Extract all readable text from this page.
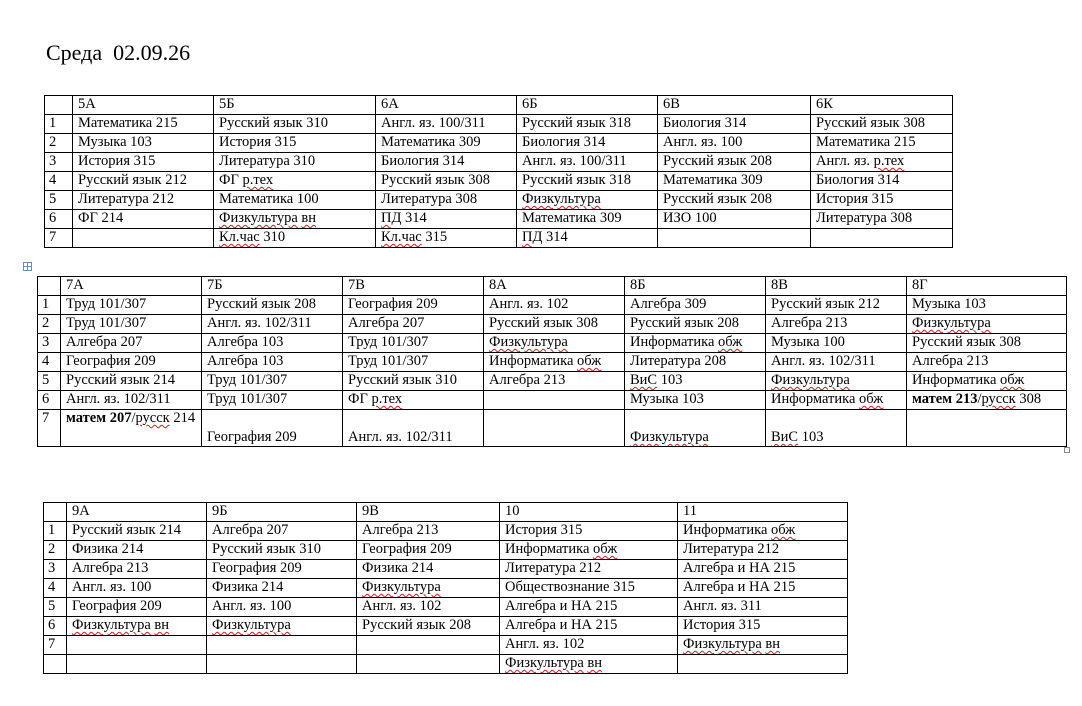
Среда  02.09.26
	5А	5Б	6А	6Б	6В	6К
1	Математика 215	Русский язык 310	Англ. яз. 100/311	Русский язык 318	Биология 314	Русский язык 308
2	Музыка 103	История 315	Математика 309	Биология 314	Англ. яз. 100	Математика 215
3	История 315	Литература 310	Биология 314	Англ. яз. 100/311	Русский язык 208	Англ. яз. р.тех
4	Русский язык 212	ФГ р.тех	Русский язык 308	Русский язык 318	Математика 309	Биология 314
5	Литература 212	Математика 100	Литература 308	Физкультура	Русский язык 208	История 315
6	ФГ 214	Физкультура вн	ПД 314	Математика 309	ИЗО 100	Литература 308
7		Кл.час 310	Кл.час 315	ПД 314		
	7А	7Б	7В	8А	8Б	8В	8Г
1	Труд 101/307	Русский язык 208	География 209	Англ. яз. 102	Алгебра 309	Русский язык 212	Музыка 103
2	Труд 101/307	Англ. яз. 102/311	Алгебра 207	Русский язык 308	Русский язык 208	Алгебра 213	Физкультура
3	Алгебра 207	Алгебра 103	Труд 101/307	Физкультура	Информатика обж	Музыка 100	Русский язык 308
4	География 209	Алгебра 103	Труд 101/307	Информатика обж	Литература 208	Англ. яз. 102/311	Алгебра 213
5	Русский язык 214	Труд 101/307	Русский язык 310	Алгебра 213	ВиС 103	Физкультура	Информатика обж
6	Англ. яз. 102/311	Труд 101/307	ФГ р.тех		Музыка 103	Информатика обж	матем 213/русск 308
7	матем 207/русск 214	География 209	Англ. яз. 102/311		Физкультура	ВиС 103	
	9А	9Б	9В	10	11
1	Русский язык 214	Алгебра 207	Алгебра 213	История 315	Информатика обж
2	Физика 214	Русский язык 310	География 209	Информатика обж	Литература 212
3	Алгебра 213	География 209	Физика 214	Литература 212	Алгебра и НА 215
4	Англ. яз. 100	Физика 214	Физкультура	Обществознание 315	Алгебра и НА 215
5	География 209	Англ. яз. 100	Англ. яз. 102	Алгебра и НА 215	Англ. яз. 311
6	Физкультура вн	Физкультура	Русский язык 208	Алгебра и НА 215	История 315
7				Англ. яз. 102	Физкультура вн
				Физкультура вн	
